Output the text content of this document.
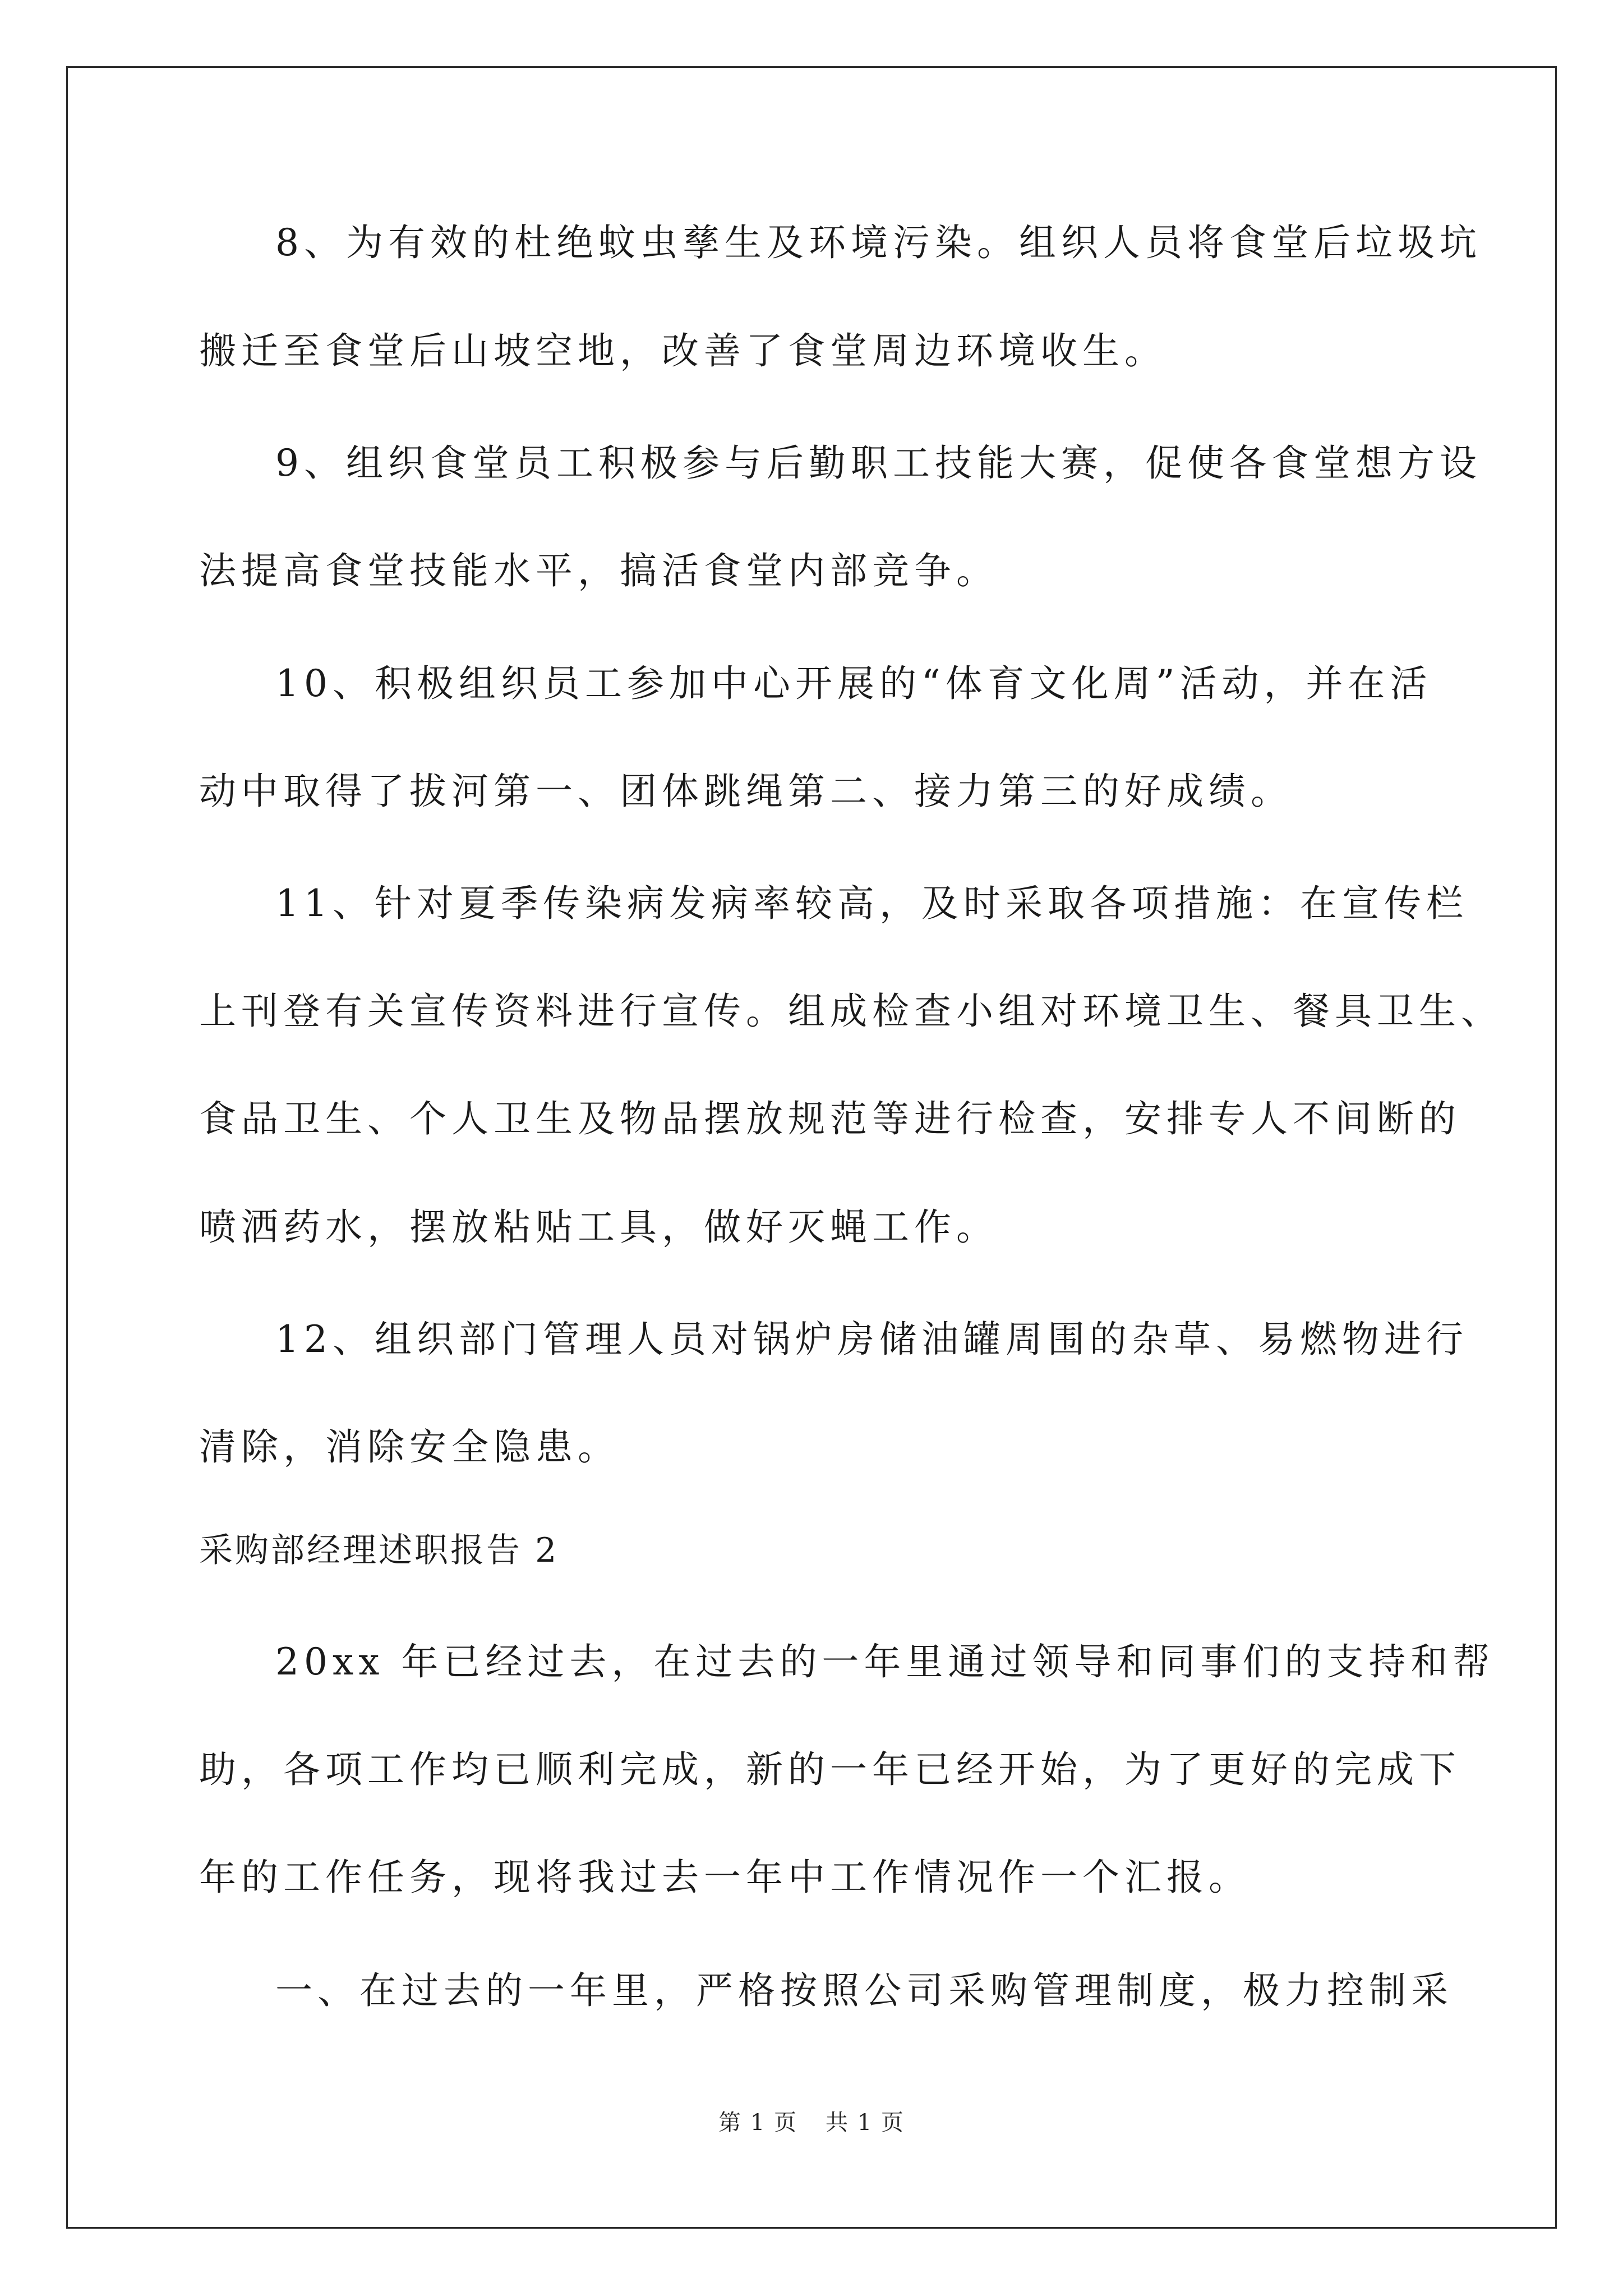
8、为有效的杜绝蚊虫孳生及环境污染。组织人员将食堂后垃圾坑
搬迁至食堂后山坡空地，改善了食堂周边环境收生。
9、组织食堂员工积极参与后勤职工技能大赛，促使各食堂想方设
法提高食堂技能水平，搞活食堂内部竞争。
10、积极组织员工参加中心开展的“体育文化周”活动，并在活
动中取得了拔河第一、团体跳绳第二、接力第三的好成绩。
11、针对夏季传染病发病率较高，及时采取各项措施：在宣传栏
上刊登有关宣传资料进行宣传。组成检查小组对环境卫生、餐具卫生、
食品卫生、个人卫生及物品摆放规范等进行检查，安排专人不间断的
喷洒药水，摆放粘贴工具，做好灭蝇工作。
12、组织部门管理人员对锅炉房储油罐周围的杂草、易燃物进行
清除，消除安全隐患。
采购部经理述职报告 2
20xx 年已经过去，在过去的一年里通过领导和同事们的支持和帮
助，各项工作均已顺利完成，新的一年已经开始，为了更好的完成下
年的工作任务，现将我过去一年中工作情况作一个汇报。
一、在过去的一年里，严格按照公司采购管理制度，极力控制采
第 1 页 共 1 页
